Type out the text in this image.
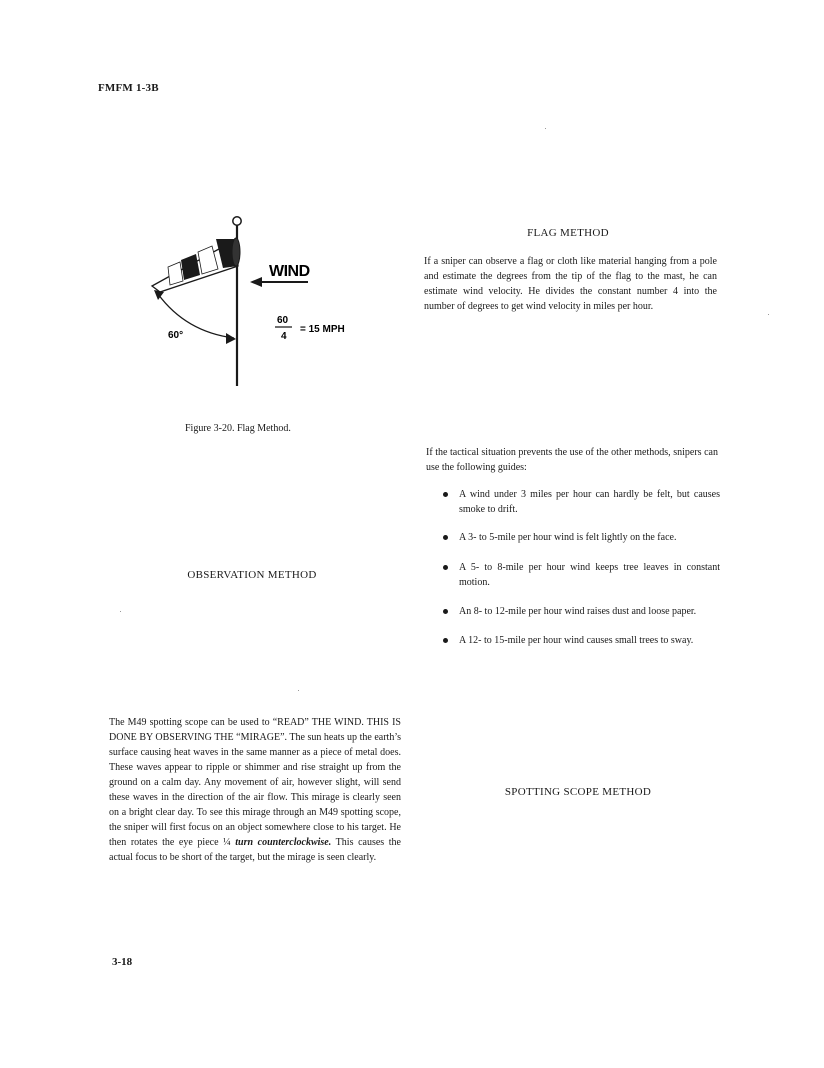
FMFM 1-3B
60°
WIND
60
4
= 15 MPH
Figure 3-20. Flag Method.
FLAG METHOD
If a sniper can observe a flag or cloth like material hanging from a pole and estimate the degrees from the tip of the flag to the mast, he can estimate wind velocity. He divides the constant number 4 into the number of degrees to get wind velocity in miles per hour.
If the tactical situation prevents the use of the other methods, snipers can use the following guides:
A wind under 3 miles per hour can hardly be felt, but causes smoke to drift.
A 3- to 5-mile per hour wind is felt lightly on the face.
A 5- to 8-mile per hour wind keeps tree leaves in constant motion.
An 8- to 12-mile per hour wind raises dust and loose paper.
A 12- to 15-mile per hour wind causes small trees to sway.
OBSERVATION METHOD
SPOTTING SCOPE METHOD
The M49 spotting scope can be used to “READ” THE WIND. THIS IS DONE BY OBSERVING THE “MIRAGE”. The sun heats up the earth’s surface causing heat waves in the same manner as a piece of metal does. These waves appear to ripple or shimmer and rise straight up from the ground on a calm day. Any movement of air, however slight, will send these waves in the direction of the air flow. This mirage is clearly seen on a bright clear day. To see this mirage through an M49 spotting scope, the sniper will first focus on an object somewhere close to his target. He then rotates the eye piece ¼ turn counterclockwise. This causes the actual focus to be short of the target, but the mirage is seen clearly.
3-18
